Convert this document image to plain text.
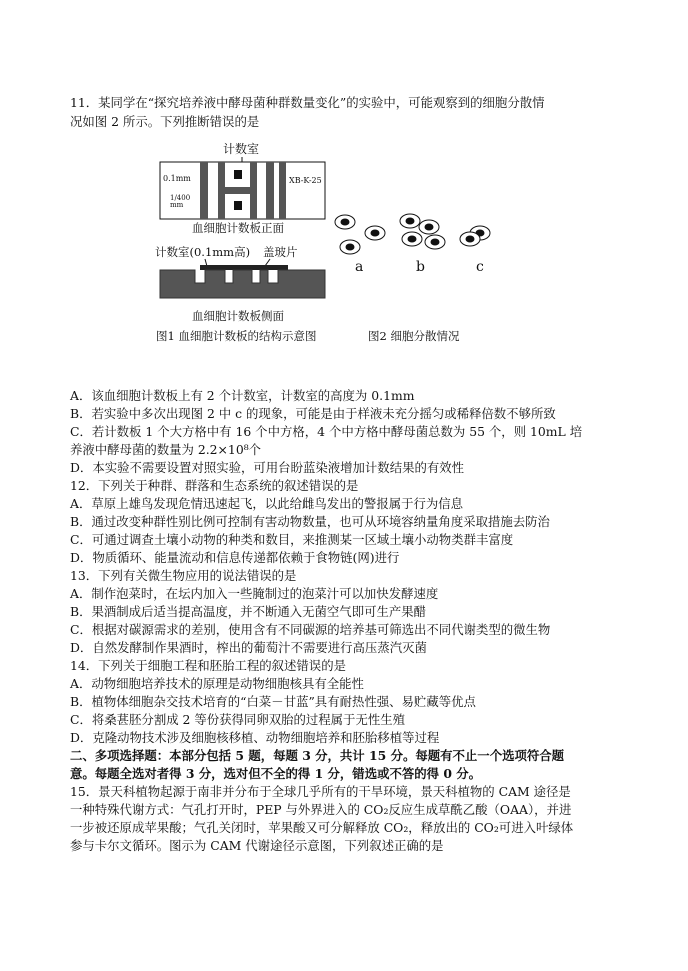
11．某同学在“探究培养液中酵母菌种群数量变化”的实验中，可能观察到的细胞分散情
况如图 2 所示。下列推断错误的是
计数室
0.1mm
1/400
mm
XB-K-25
血细胞计数板正面
计数室(0.1mm高) 盖玻片
血细胞计数板侧面
a	b	c
图1 血细胞计数板的结构示意图	图2 细胞分散情况
A．该血细胞计数板上有 2 个计数室，计数室的高度为 0.1mm
B．若实验中多次出现图 2 中 c 的现象，可能是由于样液未充分摇匀或稀释倍数不够所致
C．若计数板 1 个大方格中有 16 个中方格，4 个中方格中酵母菌总数为 55 个，则 10mL 培
养液中酵母菌的数量为 2.2×10⁸个
D．本实验不需要设置对照实验，可用台盼蓝染液增加计数结果的有效性
12．下列关于种群、群落和生态系统的叙述错误的是
A．草原上雄鸟发现危情迅速起飞，以此给雌鸟发出的警报属于行为信息
B．通过改变种群性别比例可控制有害动物数量，也可从环境容纳量角度采取措施去防治
C．可通过调查土壤小动物的种类和数目，来推测某一区域土壤小动物类群丰富度
D．物质循环、能量流动和信息传递都依赖于食物链(网)进行
13．下列有关微生物应用的说法错误的是
A．制作泡菜时，在坛内加入一些腌制过的泡菜汁可以加快发酵速度
B．果酒制成后适当提高温度，并不断通入无菌空气即可生产果醋
C．根据对碳源需求的差别，使用含有不同碳源的培养基可筛选出不同代谢类型的微生物
D．自然发酵制作果酒时，榨出的葡萄汁不需要进行高压蒸汽灭菌
14．下列关于细胞工程和胚胎工程的叙述错误的是
A．动物细胞培养技术的原理是动物细胞核具有全能性
B．植物体细胞杂交技术培育的“白菜－甘蓝”具有耐热性强、易贮藏等优点
C．将桑葚胚分割成 2 等份获得同卵双胎的过程属于无性生殖
D．克隆动物技术涉及细胞核移植、动物细胞培养和胚胎移植等过程
二、多项选择题：本部分包括 5 题，每题 3 分，共计 15 分。每题有不止一个选项符合题
意。每题全选对者得 3 分，选对但不全的得 1 分，错选或不答的得 0 分。
15．景天科植物起源于南非并分布于全球几乎所有的干旱环境，景天科植物的 CAM 途径是
一种特殊代谢方式：气孔打开时，PEP 与外界进入的 CO₂反应生成草酰乙酸（OAA），并进
一步被还原成苹果酸；气孔关闭时，苹果酸又可分解释放 CO₂，释放出的 CO₂可进入叶绿体
参与卡尔文循环。图示为 CAM 代谢途径示意图，下列叙述正确的是
